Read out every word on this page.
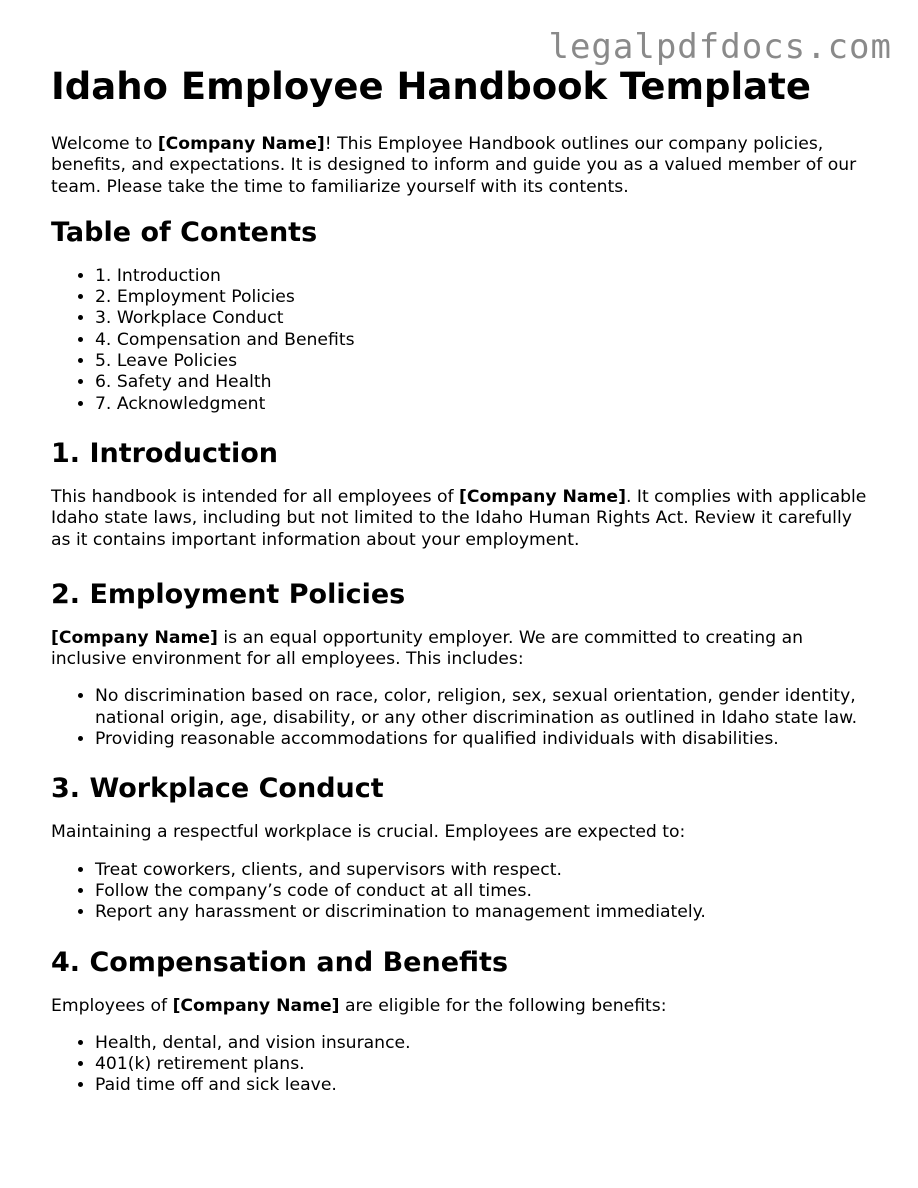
legalpdfdocs.com
Idaho Employee Handbook Template

Welcome to [Company Name]! This Employee Handbook outlines our company policies, benefits, and expectations. It is designed to inform and guide you as a valued member of our team. Please take the time to familiarize yourself with its contents.

Table of Contents
• 1. Introduction
• 2. Employment Policies
• 3. Workplace Conduct
• 4. Compensation and Benefits
• 5. Leave Policies
• 6. Safety and Health
• 7. Acknowledgment
1. Introduction

This handbook is intended for all employees of [Company Name]. It complies with applicable Idaho state laws, including but not limited to the Idaho Human Rights Act. Review it carefully as it contains important information about your employment.

2. Employment Policies

[Company Name] is an equal opportunity employer. We are committed to creating an inclusive environment for all employees. This includes:

• No discrimination based on race, color, religion, sex, sexual orientation, gender identity, national origin, age, disability, or any other discrimination as outlined in Idaho state law.
• Providing reasonable accommodations for qualified individuals with disabilities.
3. Workplace Conduct

Maintaining a respectful workplace is crucial. Employees are expected to:

• Treat coworkers, clients, and supervisors with respect.
• Follow the company’s code of conduct at all times.
• Report any harassment or discrimination to management immediately.
4. Compensation and Benefits

Employees of [Company Name] are eligible for the following benefits:

• Health, dental, and vision insurance.
• 401(k) retirement plans.
• Paid time off and sick leave.
